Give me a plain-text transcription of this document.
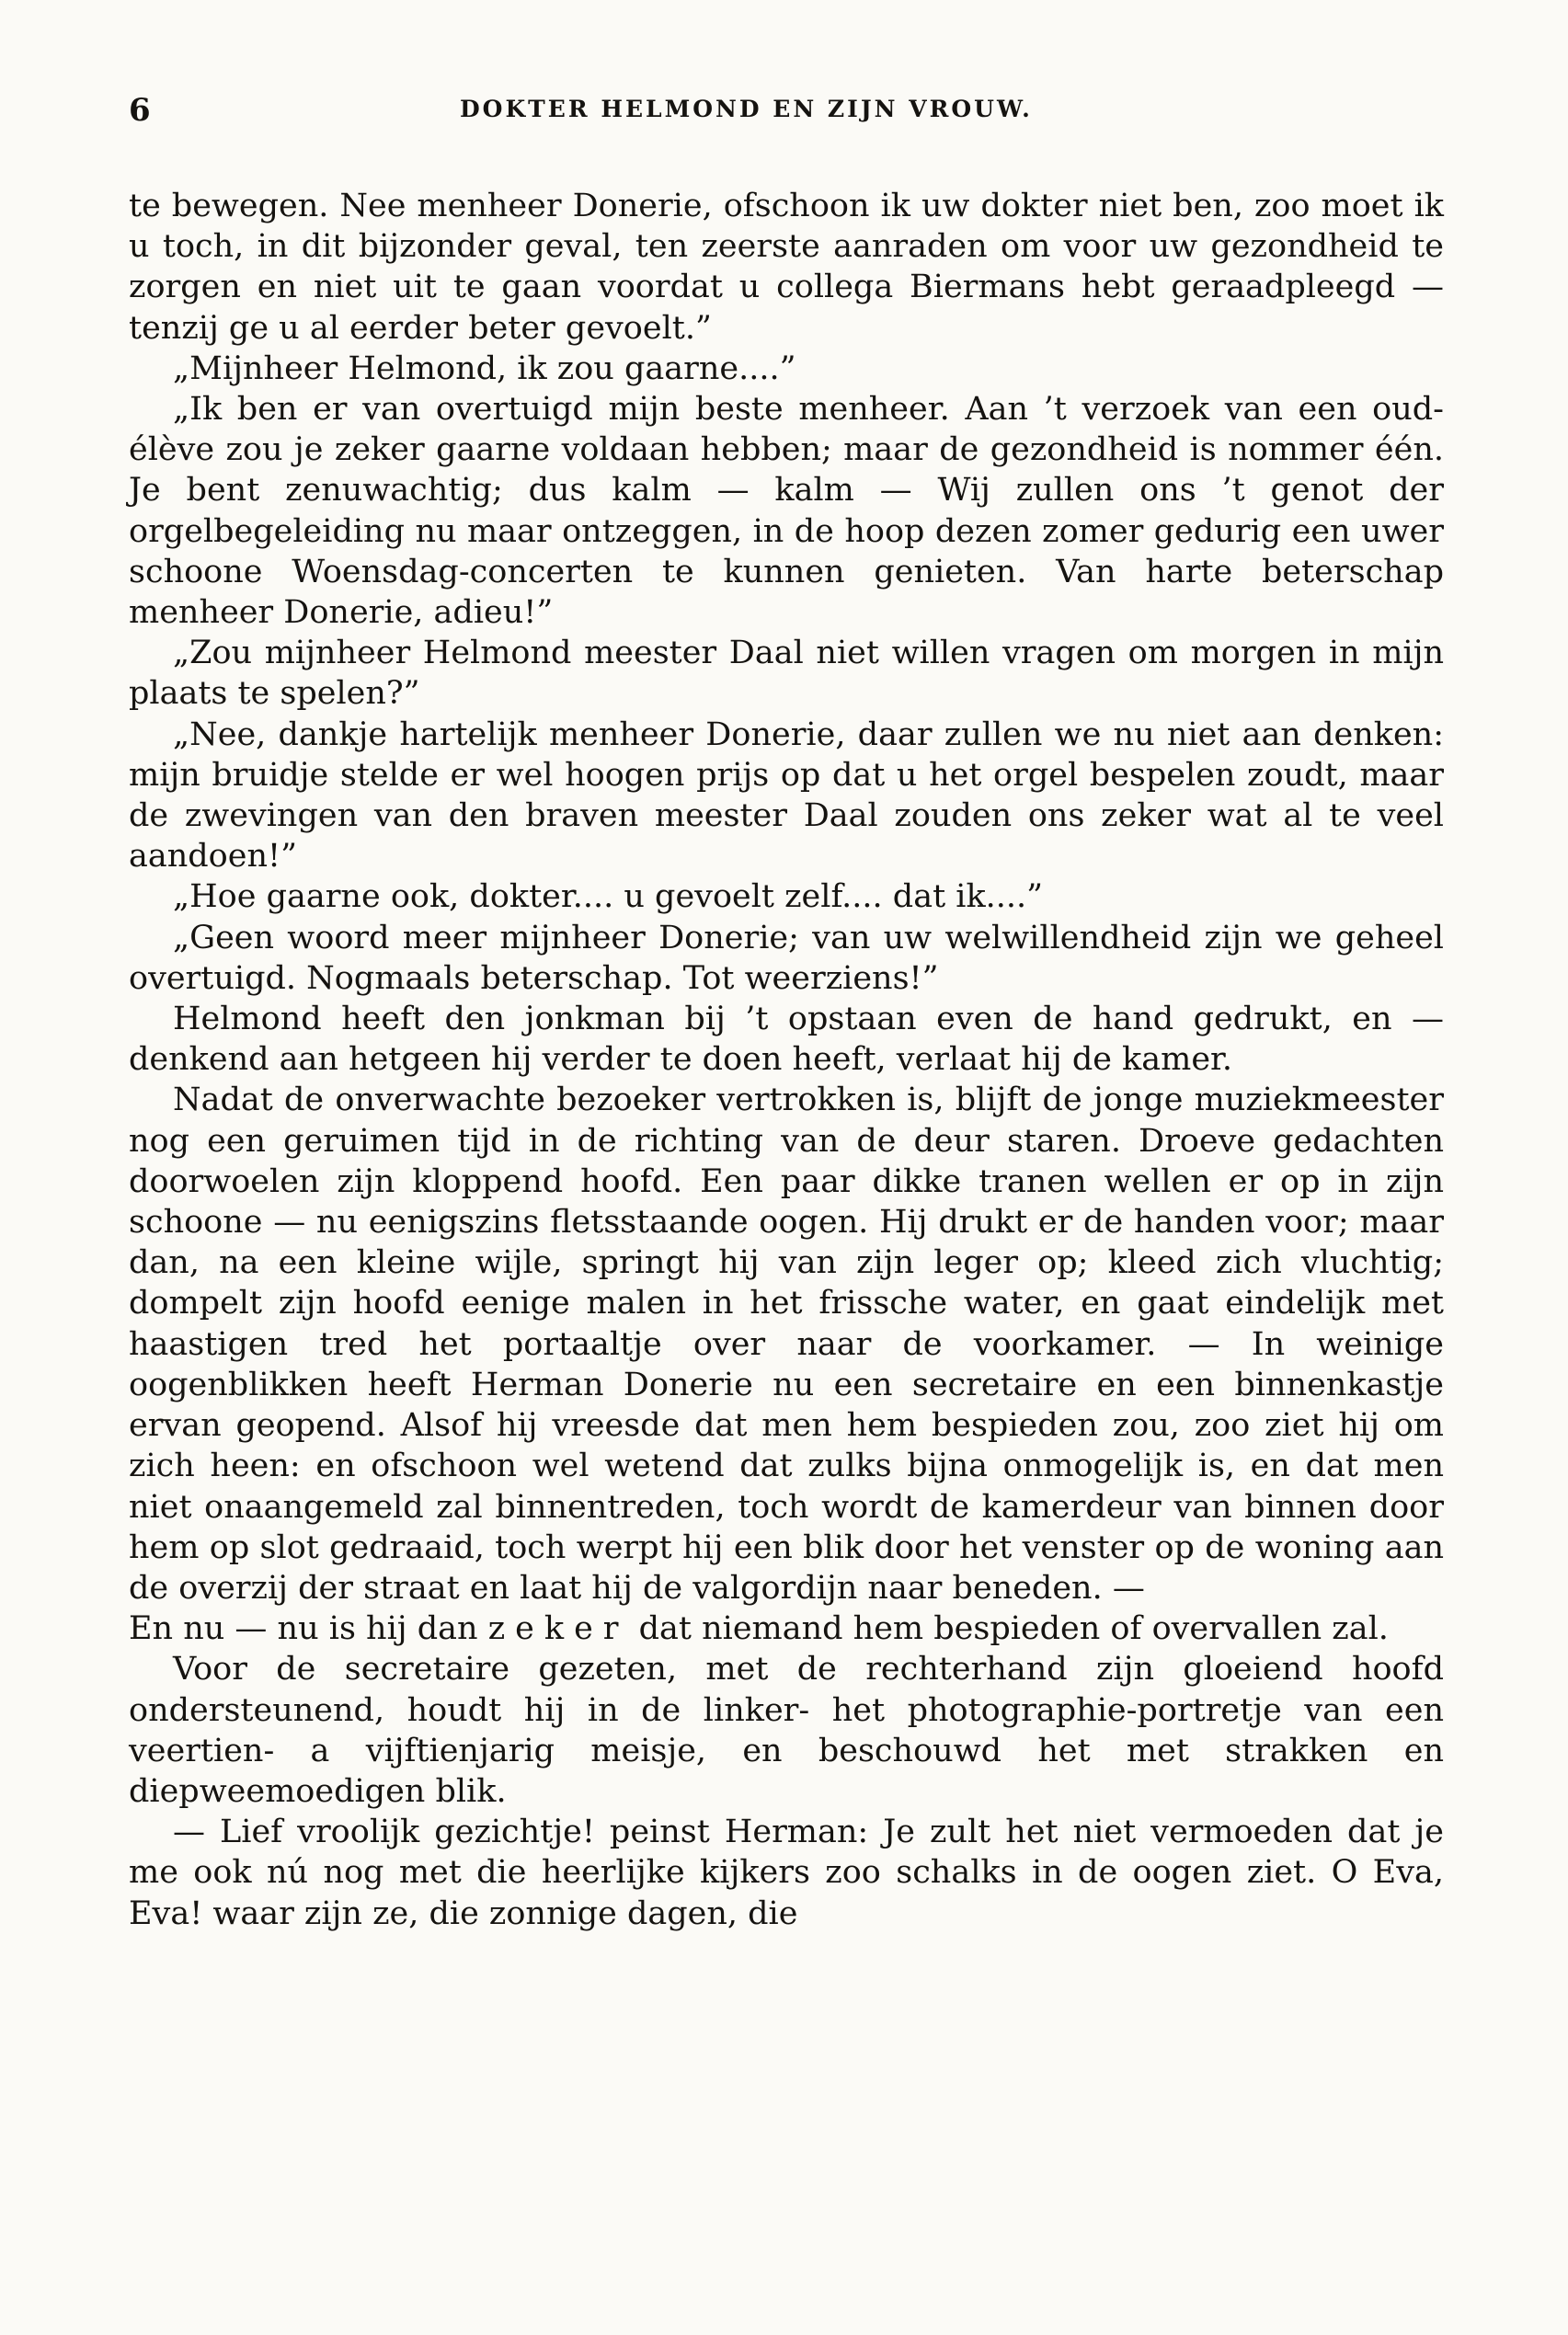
6	DOKTER HELMOND EN ZIJN VROUW.

te bewegen. Nee menheer Donerie, ofschoon ik uw dokter niet ben, zoo moet ik u toch, in dit bijzonder geval, ten zeerste aanraden om voor uw gezondheid te zorgen en niet uit te gaan voordat u collega Biermans hebt geraadpleegd — tenzij ge u al eerder beter gevoelt.”

„Mijnheer Helmond, ik zou gaarne....”

„Ik ben er van overtuigd mijn beste menheer. Aan ’t verzoek van een oud-élève zou je zeker gaarne voldaan hebben; maar de gezondheid is nommer één. Je bent zenuwachtig; dus kalm — kalm — Wij zullen ons ’t genot der orgelbegeleiding nu maar ontzeggen, in de hoop dezen zomer gedurig een uwer schoone Woensdag-concerten te kunnen genieten. Van harte beterschap menheer Donerie, adieu!”

„Zou mijnheer Helmond meester Daal niet willen vragen om morgen in mijn plaats te spelen?”

„Nee, dankje hartelijk menheer Donerie, daar zullen we nu niet aan denken: mijn bruidje stelde er wel hoogen prijs op dat u het orgel bespelen zoudt, maar de zwevingen van den braven meester Daal zouden ons zeker wat al te veel aandoen!”

„Hoe gaarne ook, dokter.... u gevoelt zelf.... dat ik....”

„Geen woord meer mijnheer Donerie; van uw welwillendheid zijn we geheel overtuigd. Nogmaals beterschap. Tot weerziens!”

Helmond heeft den jonkman bij ’t opstaan even de hand gedrukt, en — denkend aan hetgeen hij verder te doen heeft, verlaat hij de kamer.

Nadat de onverwachte bezoeker vertrokken is, blijft de jonge muziekmeester nog een geruimen tijd in de richting van de deur staren. Droeve gedachten doorwoelen zijn kloppend hoofd. Een paar dikke tranen wellen er op in zijn schoone — nu eenigszins fletsstaande oogen. Hij drukt er de handen voor; maar dan, na een kleine wijle, springt hij van zijn leger op; kleed zich vluchtig; dompelt zijn hoofd eenige malen in het frissche water, en gaat eindelijk met haastigen tred het portaaltje over naar de voorkamer. — In weinige oogenblikken heeft Herman Donerie nu een secretaire en een binnenkastje ervan geopend. Alsof hij vreesde dat men hem bespieden zou, zoo ziet hij om zich heen: en ofschoon wel wetend dat zulks bijna onmogelijk is, en dat men niet onaangemeld zal binnentreden, toch wordt de kamerdeur van binnen door hem op slot gedraaid, toch werpt hij een blik door het venster op de woning aan de overzij der straat en laat hij de valgordijn naar beneden. —

En nu — nu is hij dan zeker dat niemand hem bespieden of overvallen zal.

Voor de secretaire gezeten, met de rechterhand zijn gloeiend hoofd ondersteunend, houdt hij in de linker- het photographie-portretje van een veertien- a vijftienjarig meisje, en beschouwd het met strakken en diepweemoedigen blik.

— Lief vroolijk gezichtje! peinst Herman: Je zult het niet vermoeden dat je me ook nú nog met die heerlijke kijkers zoo schalks in de oogen ziet. O Eva, Eva! waar zijn ze, die zonnige dagen, die
